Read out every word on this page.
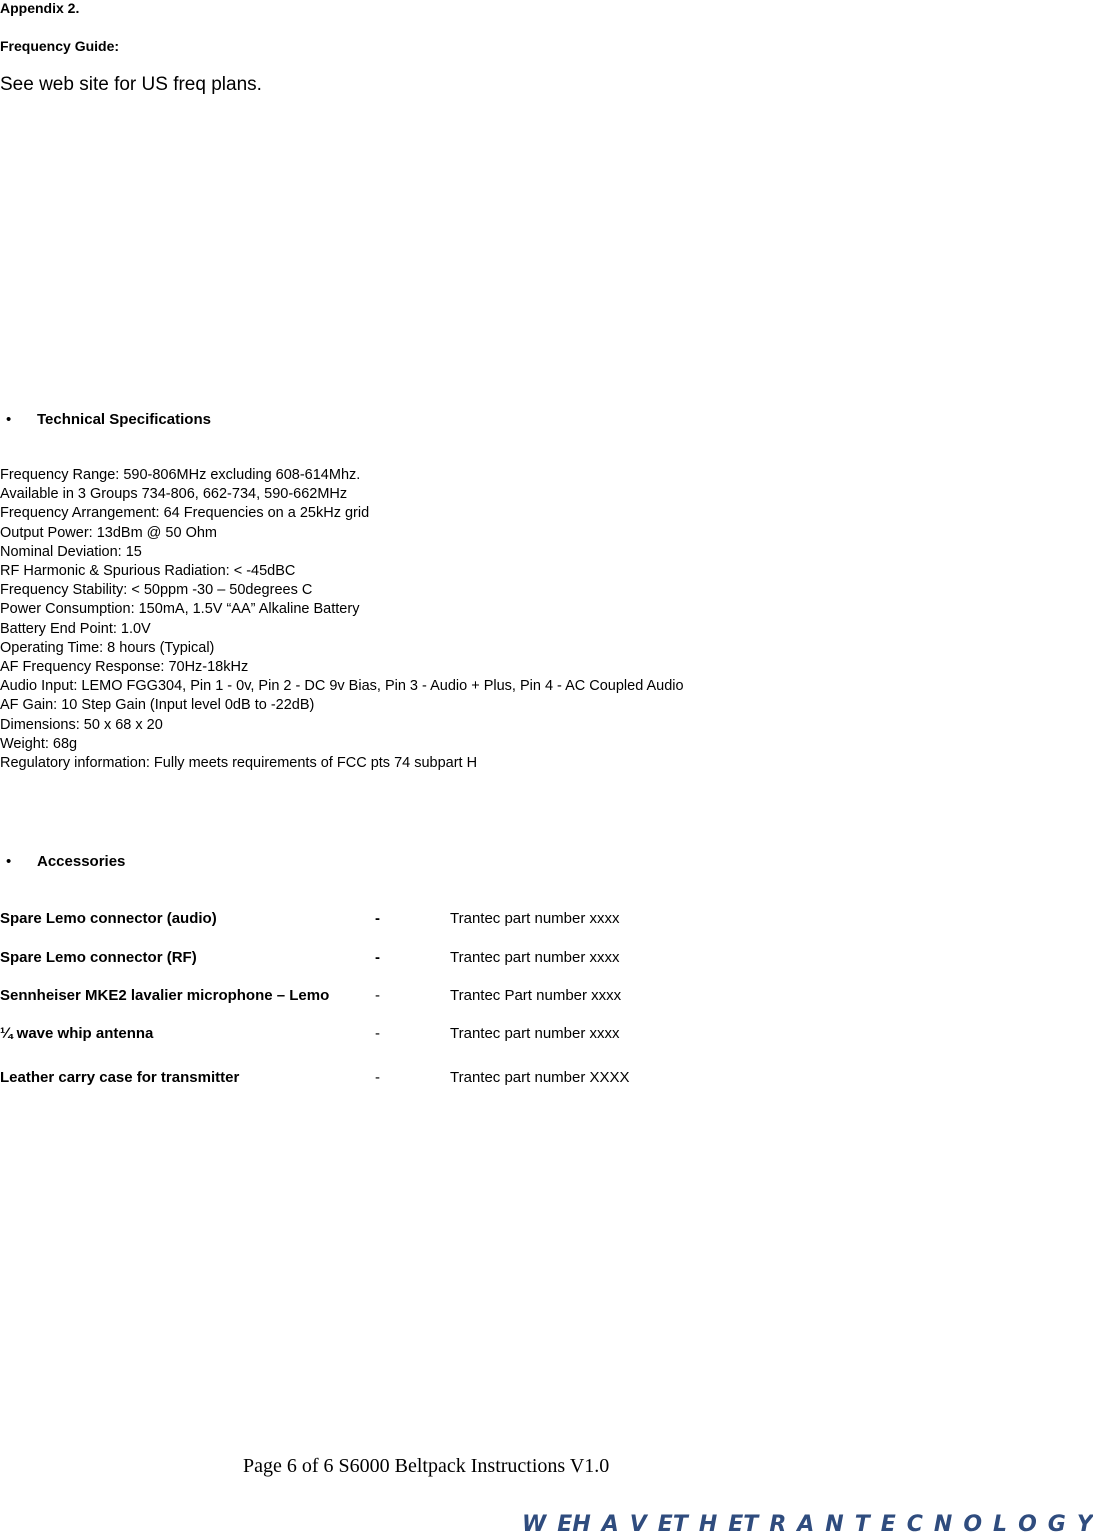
Appendix 2.
Frequency Guide:
See web site for US freq plans.
• Technical Specifications
Frequency Range: 590-806MHz excluding 608-614Mhz.
Available in 3 Groups 734-806, 662-734, 590-662MHz
Frequency Arrangement: 64 Frequencies on a 25kHz grid
Output Power: 13dBm @ 50 Ohm
Nominal Deviation: 15
RF Harmonic & Spurious Radiation: < -45dBC
Frequency Stability: < 50ppm -30 – 50degrees C
Power Consumption: 150mA, 1.5V “AA” Alkaline Battery
Battery End Point: 1.0V
Operating Time: 8 hours (Typical)
AF Frequency Response: 70Hz-18kHz
Audio Input: LEMO FGG304, Pin 1 - 0v, Pin 2 - DC 9v Bias, Pin 3 - Audio + Plus, Pin 4 - AC Coupled Audio
AF Gain: 10 Step Gain (Input level 0dB to -22dB)
Dimensions: 50 x 68 x 20
Weight: 68g
Regulatory information: Fully meets requirements of FCC pts 74 subpart H
• Accessories
Spare Lemo connector (audio)	-	Trantec part number xxxx
Spare Lemo connector (RF)	-	Trantec part number xxxx
Sennheiser MKE2 lavalier microphone – Lemo	-	Trantec Part number xxxx
¼ wave whip antenna	-	Trantec part number xxxx
Leather carry case for transmitter	-	Trantec part number XXXX
Page 6 of 6 S6000 Beltpack Instructions V1.0
W E H A V E T H E T R A N T E C N O L O G Y
